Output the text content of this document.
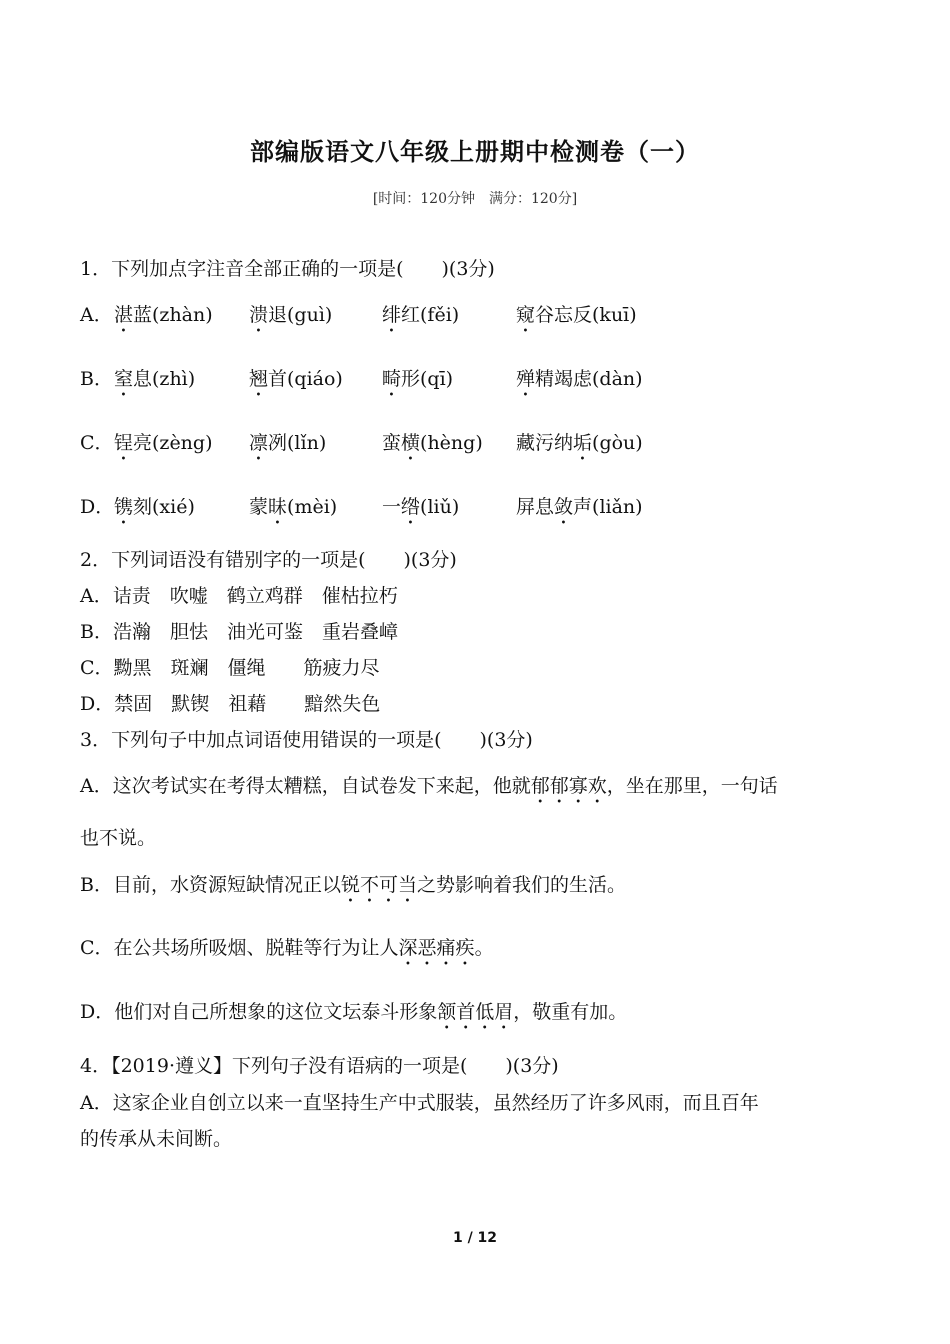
部编版语文八年级上册期中检测卷（一）
[时间：120分钟　满分：120分]
1．下列加点字注音全部正确的一项是(　　)(3分)
A． 湛蓝(zhàn) 溃退(guì)	绯红(fěi)	窥谷忘反(kuī)
B． 窒息(zhì)	翘首(qiáo) 畸形(qī)	殚精竭虑(dàn)
C． 锃亮(zèng) 凛冽(lǐn)	蛮横(hèng) 藏污纳垢(gòu)
D． 镌刻(xié)	蒙昧(mèi) 一绺(liǔ)	屏息敛声(liǎn)
2．下列词语没有错别字的一项是(　　)(3分)
A．诘责　吹嘘　鹤立鸡群　催枯拉朽
B．浩瀚　胆怯　油光可鉴　重岩叠嶂
C．黝黑　斑斓　僵绳　　筋疲力尽
D．禁固　默锲　祖藉　　黯然失色
3．下列句子中加点词语使用错误的一项是(　　)(3分)
A．这次考试实在考得太糟糕，自试卷发下来起，他就郁郁寡欢，坐在那里，一句话
也不说。
B．目前，水资源短缺情况正以锐不可当之势影响着我们的生活。
C．在公共场所吸烟、脱鞋等行为让人深恶痛疾。
D．他们对自己所想象的这位文坛泰斗形象颔首低眉，敬重有加。
4．【2019·遵义】下列句子没有语病的一项是(　　)(3分)
A．这家企业自创立以来一直坚持生产中式服装，虽然经历了许多风雨，而且百年
的传承从未间断。
1 / 12
